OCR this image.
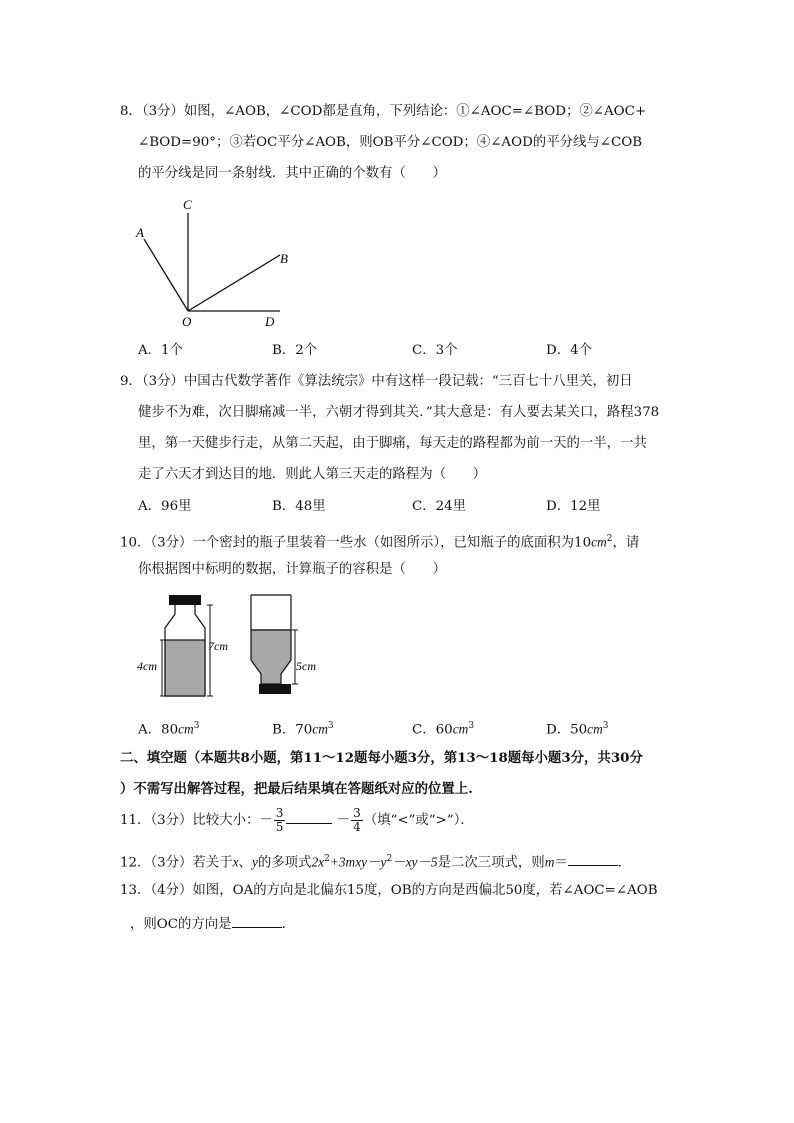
8．（3分）如图，∠AOB，∠COD都是直角，下列结论：①∠AOC=∠BOD；②∠AOC+
∠BOD=90°；③若OC平分∠AOB，则OB平分∠COD；④∠AOD的平分线与∠COB
的平分线是同一条射线．其中正确的个数有（　　）
C
A
B
O	D
A．1个	B．2个	C．3个	D．4个
9．（3分）中国古代数学著作《算法统宗》中有这样一段记载：“三百七十八里关，初日
健步不为难，次日脚痛减一半，六朝才得到其关．”其大意是：有人要去某关口，路程378
里，第一天健步行走，从第二天起，由于脚痛，每天走的路程都为前一天的一半，一共
走了六天才到达目的地．则此人第三天走的路程为（　　）
A．96里	B．48里	C．24里	D．12里
10．（3分）一个密封的瓶子里装着一些水（如图所示），已知瓶子的底面积为$10cm^2$，请
你根据图中标明的数据，计算瓶子的容积是（　　）
4cm
7cm
5cm
A．$80cm^3$	B．$70cm^3$	C．$60cm^3$	D．$50cm^3$
二、填空题（本题共8小题，第11～12题每小题3分，第13～18题每小题3分，共30分
）不需写出解答过程，把最后结果填在答题纸对应的位置上.
11．（3分）比较大小：－ $\frac{3}{5}$	－ $\frac{3}{4}$ （填“<”或“>”）．
12．（3分）若关于x、y的多项式$2x^2+3mxy-y^2-xy-5$是二次三项式，则m＝	．
13．（4分）如图，OA的方向是北偏东15度，OB的方向是西偏北50度，若∠AOC=∠AOB
，则OC的方向是	．
